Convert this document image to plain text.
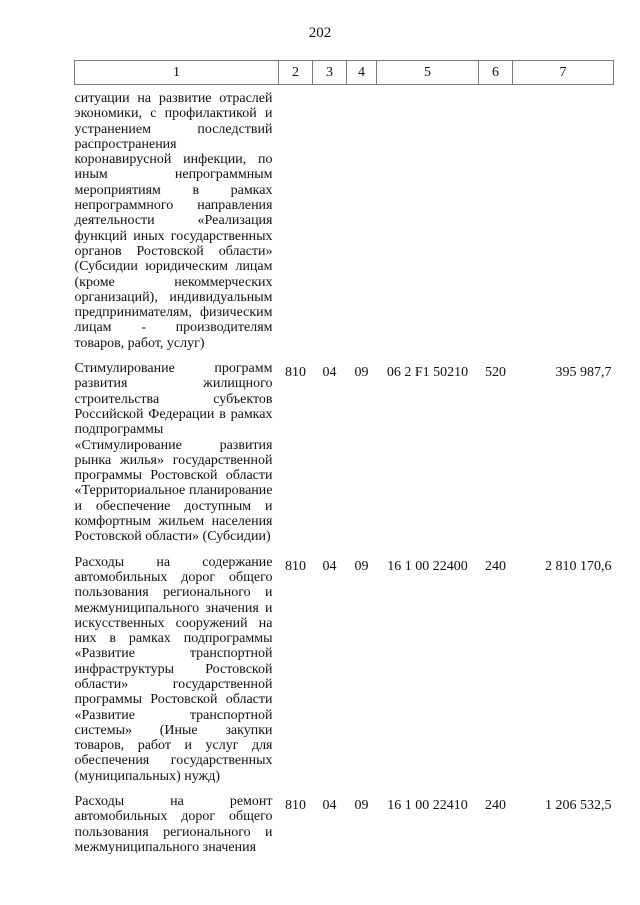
202
1	2	3	4	5	6	7
ситуации на развитие отраслей экономики, с профилактикой и устранением последствий распространения коронавирусной инфекции, по иным непрограммным мероприятиям в рамках непрограммного направления деятельности «Реализация функций иных государственных органов Ростовской области» (Субсидии юридическим лицам (кроме некоммерческих организаций), индивидуальным предпринимателям, физическим лицам - производителям товаров, работ, услуг)						

Стимулирование программ развития жилищного строительства субъектов Российской Федерации в рамках подпрограммы «Стимулирование развития рынка жилья» государственной программы Ростовской области «Территориальное планирование и обеспечение доступным и комфортным жильем населения Ростовской области» (Субсидии)	810	04	09	06 2 F1 50210	520	395 987,7

Расходы на содержание автомобильных дорог общего пользования регионального и межмуниципального значения и искусственных сооружений на них в рамках подпрограммы «Развитие транспортной инфраструктуры Ростовской области» государственной программы Ростовской области «Развитие транспортной системы» (Иные закупки товаров, работ и услуг для обеспечения государственных (муниципальных) нужд)	810	04	09	16 1 00 22400	240	2 810 170,6

Расходы на ремонт автомобильных дорог общего пользования регионального и межмуниципального значения	810	04	09	16 1 00 22410	240	1 206 532,5
